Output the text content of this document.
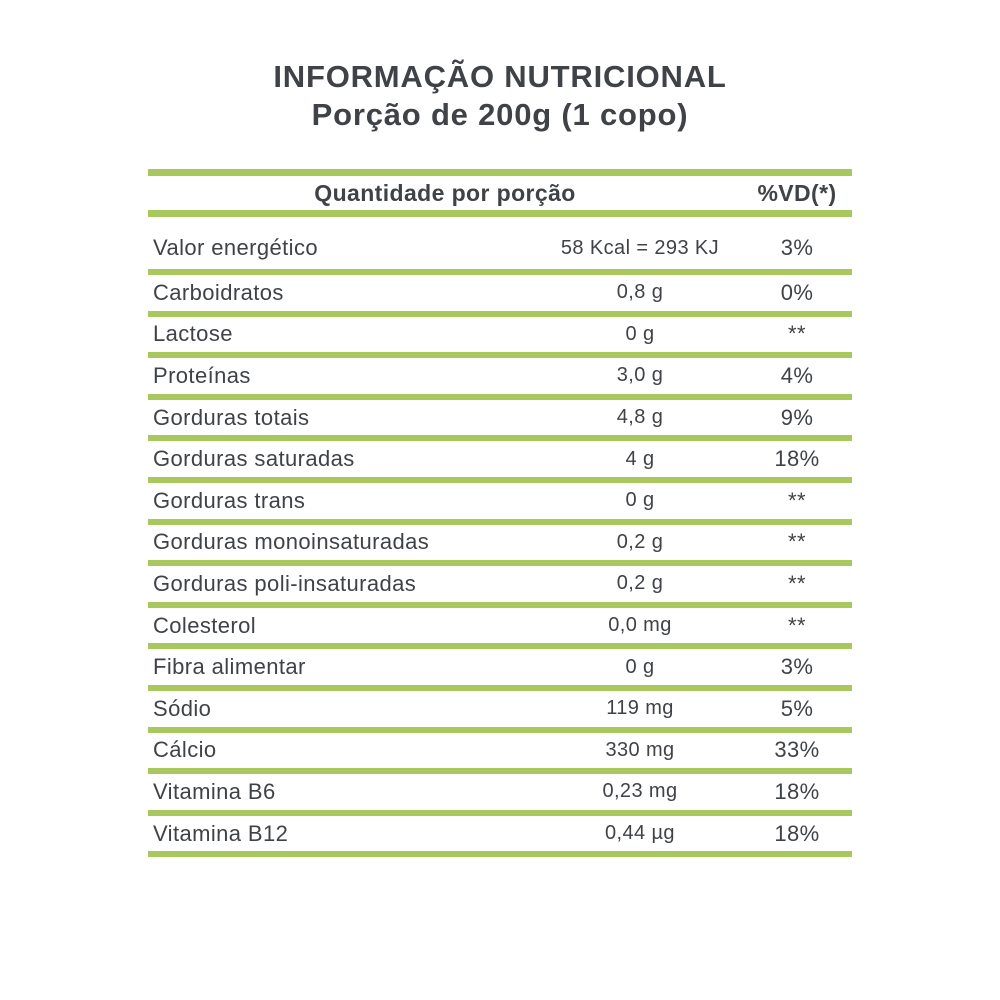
INFORMAÇÃO NUTRICIONAL
Porção de 200g (1 copo)
Quantidade por porção	%VD(*)
Valor energético	58 Kcal = 293 KJ	3%
Carboidratos	0,8 g	0%
Lactose	0 g	**
Proteínas	3,0 g	4%
Gorduras totais	4,8 g	9%
Gorduras saturadas	4 g	18%
Gorduras trans	0 g	**
Gorduras monoinsaturadas	0,2 g	**
Gorduras poli-insaturadas	0,2 g	**
Colesterol	0,0 mg	**
Fibra alimentar	0 g	3%
Sódio	119 mg	5%
Cálcio	330 mg	33%
Vitamina B6	0,23 mg	18%
Vitamina B12	0,44 µg	18%
